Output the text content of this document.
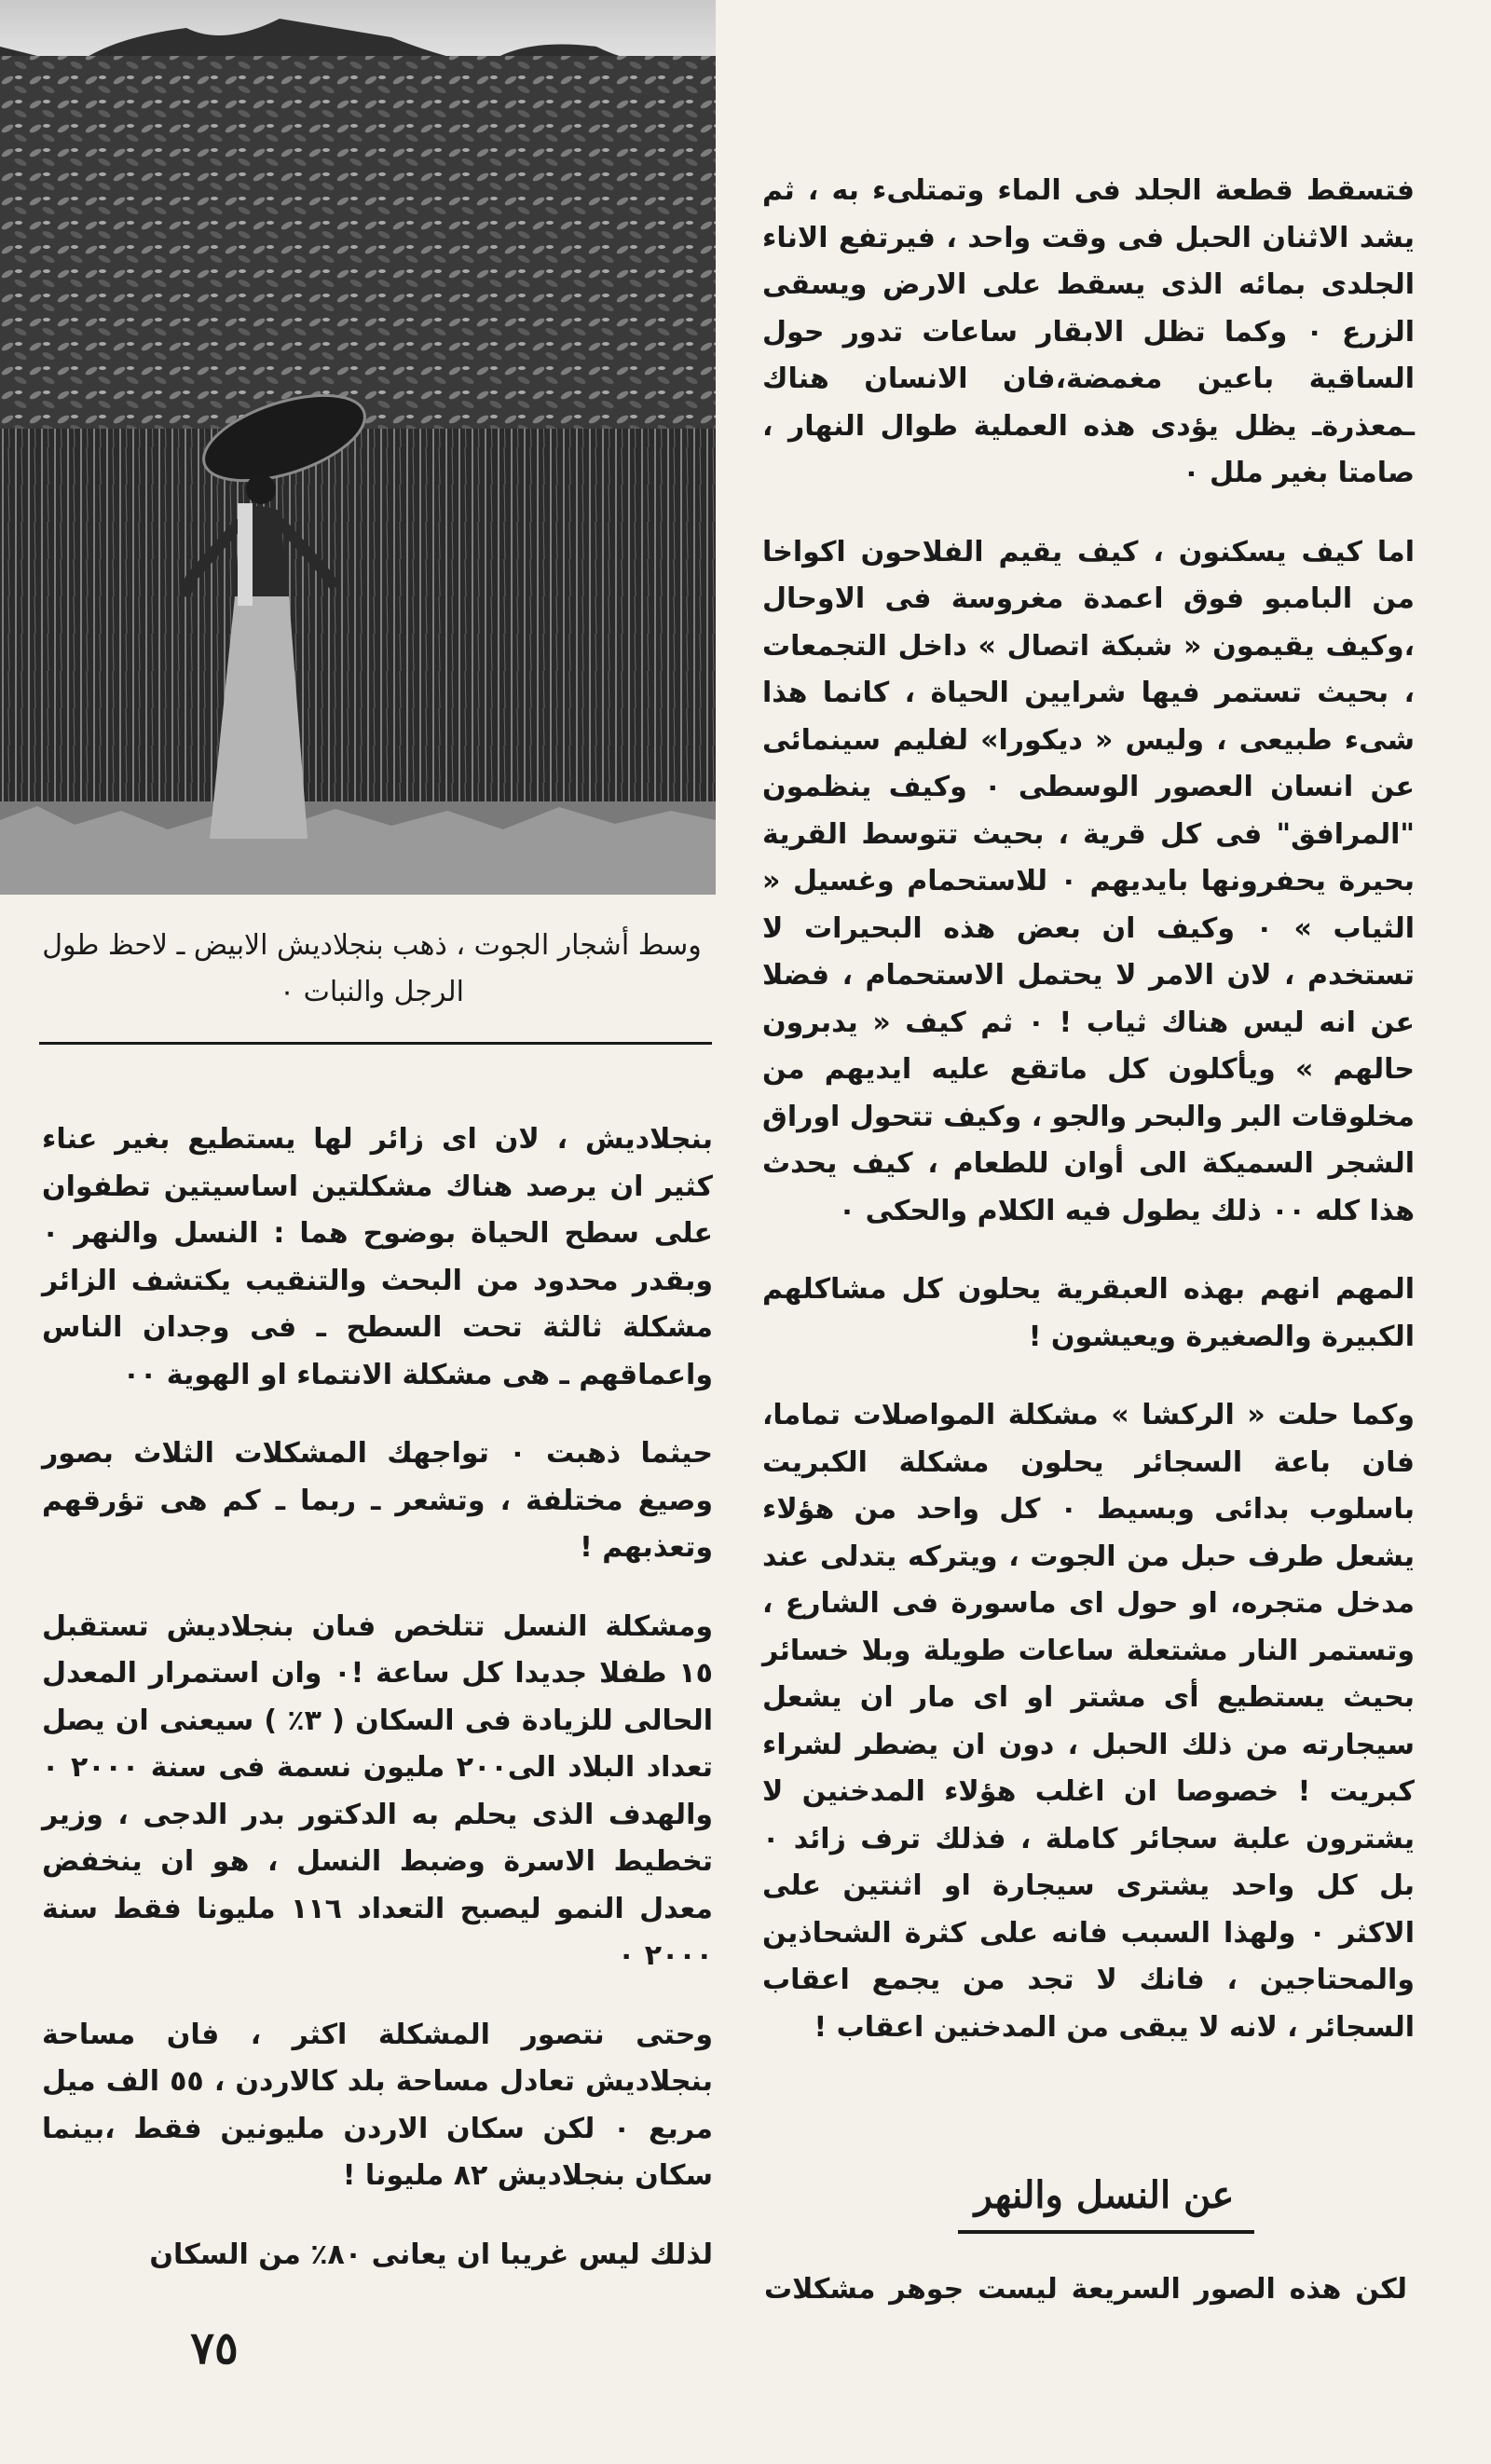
وسط أشجار الجوت ، ذهب بنجلاديش الابيض ـ لاحظ طول الرجل والنبات ٠

فتسقط قطعة الجلد فى الماء وتمتلىء به ، ثم يشد الاثنان الحبل فى وقت واحد ، فيرتفع الاناء الجلدى بمائه الذى يسقط على الارض ويسقى الزرع ٠ وكما تظل الابقار ساعات تدور حول الساقية باعين مغمضة،فان الانسان هناك ـمعذرةـ يظل يؤدى هذه العملية طوال النهار ، صامتا بغير ملل ٠

اما كيف يسكنون ، كيف يقيم الفلاحون اكواخا من البامبو فوق اعمدة مغروسة فى الاوحال ،وكيف يقيمون « شبكة اتصال » داخل التجمعات ، بحيث تستمر فيها شرايين الحياة ، كانما هذا شىء طبيعى ، وليس « ديكورا» لفليم سينمائى عن انسان العصور الوسطى ٠ وكيف ينظمون "المرافق" فى كل قرية ، بحيث تتوسط القرية بحيرة يحفرونها بايديهم ٠ للاستحمام وغسيل « الثياب » ٠ وكيف ان بعض هذه البحيرات لا تستخدم ، لان الامر لا يحتمل الاستحمام ، فضلا عن انه ليس هناك ثياب ! ٠ ثم كيف « يدبرون حالهم » ويأكلون كل ماتقع عليه ايديهم من مخلوقات البر والبحر والجو ، وكيف تتحول اوراق الشجر السميكة الى أوان للطعام ، كيف يحدث هذا كله ٠٠ ذلك يطول فيه الكلام والحكى ٠

المهم انهم بهذه العبقرية يحلون كل مشاكلهم الكبيرة والصغيرة ويعيشون !

وكما حلت « الركشا » مشكلة المواصلات تماما، فان باعة السجائر يحلون مشكلة الكبريت باسلوب بدائى وبسيط ٠ كل واحد من هؤلاء يشعل طرف حبل من الجوت ، ويتركه يتدلى عند مدخل متجره، او حول اى ماسورة فى الشارع ، وتستمر النار مشتعلة ساعات طويلة وبلا خسائر بحيث يستطيع أى مشتر او اى مار ان يشعل سيجارته من ذلك الحبل ، دون ان يضطر لشراء كبريت ! خصوصا ان اغلب هؤلاء المدخنين لا يشترون علبة سجائر كاملة ، فذلك ترف زائد ٠ بل كل واحد يشترى سيجارة او اثنتين على الاكثر ٠ ولهذا السبب فانه على كثرة الشحاذين والمحتاجين ، فانك لا تجد من يجمع اعقاب السجائر ، لانه لا يبقى من المدخنين اعقاب !

عن النسل والنهر
لكن هذه الصور السريعة ليست جوهر مشكلات

بنجلاديش ، لان اى زائر لها يستطيع بغير عناء كثير ان يرصد هناك مشكلتين اساسيتين تطفوان على سطح الحياة بوضوح هما : النسل والنهر ٠ وبقدر محدود من البحث والتنقيب يكتشف الزائر مشكلة ثالثة تحت السطح ـ فى وجدان الناس واعماقهم ـ هى مشكلة الانتماء او الهوية ٠٠

حيثما ذهبت ٠ تواجهك المشكلات الثلاث بصور وصيغ مختلفة ، وتشعر ـ ربما ـ كم هى تؤرقهم وتعذبهم !

ومشكلة النسل تتلخص فىان بنجلاديش تستقبل ١٥ طفلا جديدا كل ساعة !٠ وان استمرار المعدل الحالى للزيادة فى السكان ( ٣٪ ) سيعنى ان يصل تعداد البلاد الى٢٠٠ مليون نسمة فى سنة ٢٠٠٠ ٠ والهدف الذى يحلم به الدكتور بدر الدجى ، وزير تخطيط الاسرة وضبط النسل ، هو ان ينخفض معدل النمو ليصبح التعداد ١١٦ مليونا فقط سنة ٢٠٠٠ ٠

وحتى نتصور المشكلة اكثر ، فان مساحة بنجلاديش تعادل مساحة بلد كالاردن ، ٥٥ الف ميل مربع ٠ لكن سكان الاردن مليونين فقط ،بينما سكان بنجلاديش ٨٢ مليونا !

لذلك ليس غريبا ان يعانى ٨٠٪ من السكان

٧٥
